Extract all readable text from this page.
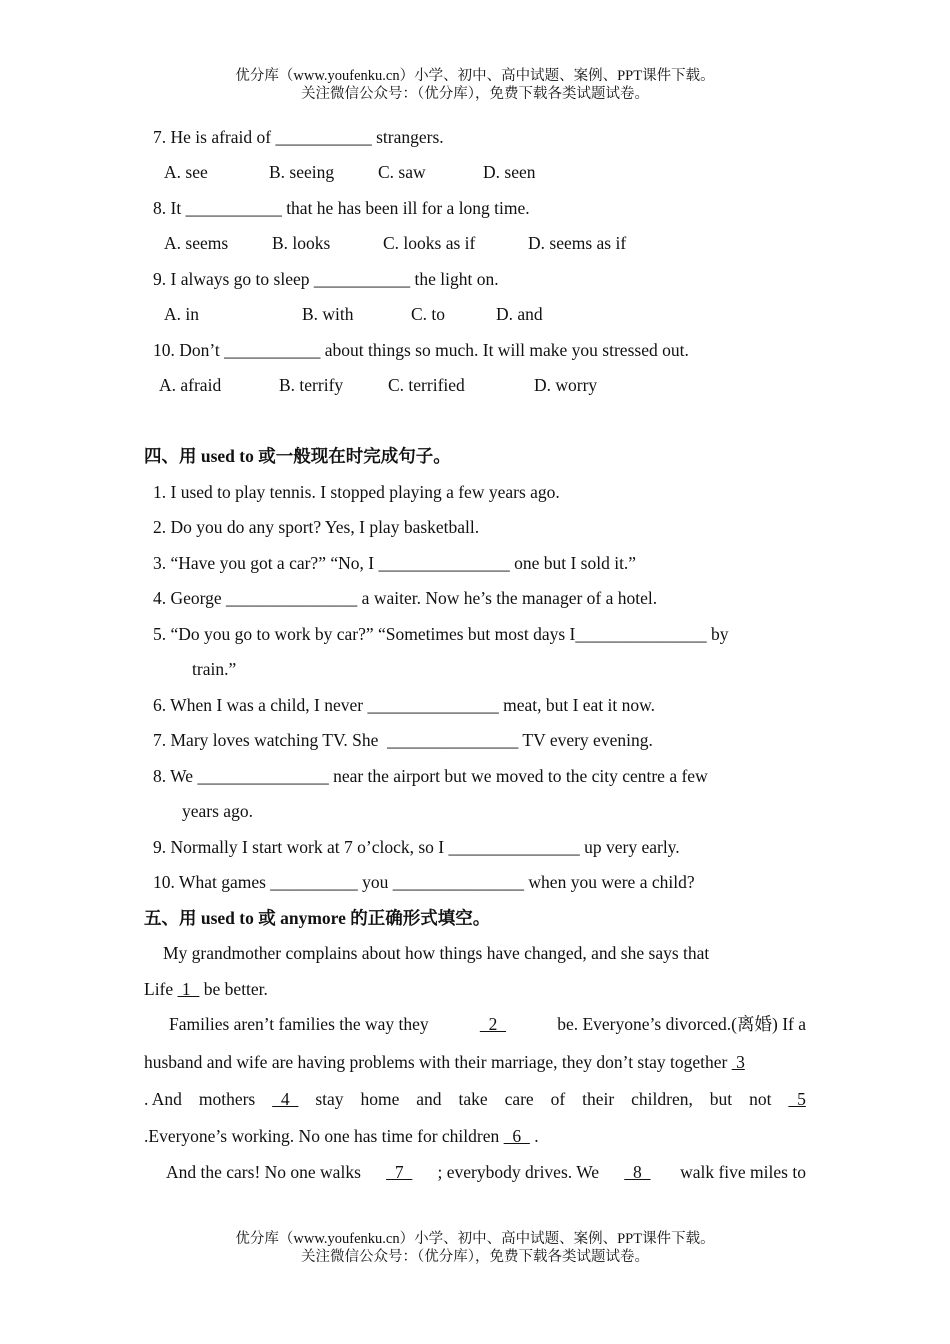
优分库（www.youfenku.cn）小学、初中、高中试题、案例、PPT课件下载。
关注微信公众号：（优分库），免费下载各类试题试卷。
7. He is afraid of ___________ strangers.
A. see	B. seeing	C. saw	D. seen
8. It ___________ that he has been ill for a long time.
A. seems	B. looks	C. looks as if	D. seems as if
9. I always go to sleep ___________ the light on.
A. in	B. with	C. to	D. and
10. Don’t ___________ about things so much. It will make you stressed out.
A. afraid	B. terrify	C. terrified	D. worry
四、用 used to 或一般现在时完成句子。
1. I used to play tennis. I stopped playing a few years ago.
2. Do you do any sport? Yes, I play basketball.
3. “Have you got a car?” “No, I _______________ one but I sold it.”
4. George _______________ a waiter. Now he’s the manager of a hotel.
5. “Do you go to work by car?” “Sometimes but most days I_______________ by
train.”
6. When I was a child, I never _______________ meat, but I eat it now.
7. Mary loves watching TV. She  _______________ TV every evening.
8. We _______________ near the airport but we moved to the city centre a few
years ago.
9. Normally I start work at 7 o’clock, so I _______________ up very early.
10. What games __________ you _______________ when you were a child?
五、用 used to 或 anymore 的正确形式填空。
My grandmother complains about how things have changed, and she says that
Life  1   be better.
Families aren’t families the way they	2	be. Everyone’s divorced.(离婚) If a
husband and wife are having problems with their marriage, they don’t stay together  3
. And mothers 4 stay home and take care of their children, but not 5
.Everyone’s working. No one has time for children   6   .
And the cars! No one walks 7 ; everybody drives. We 8 walk five miles to
优分库（www.youfenku.cn）小学、初中、高中试题、案例、PPT课件下载。
关注微信公众号：（优分库），免费下载各类试题试卷。
